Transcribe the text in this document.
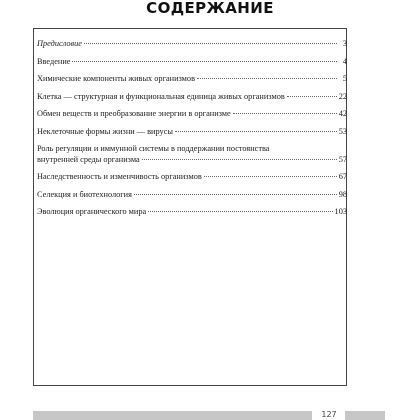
СОДЕРЖАНИЕ
Предисловие	3
Введение	4
Химические компоненты живых организмов	5
Клетка — структурная и функциональная единица живых организмов	22
Обмен веществ и преобразование энергии в организме	42
Неклеточные формы жизни — вирусы	53
Роль регуляции и иммунной системы в поддержании постоянства
внутренней среды организма	57
Наследственность и изменчивость организмов	67
Селекция и биотехнология	98
Эволюция органического мира	103
127
